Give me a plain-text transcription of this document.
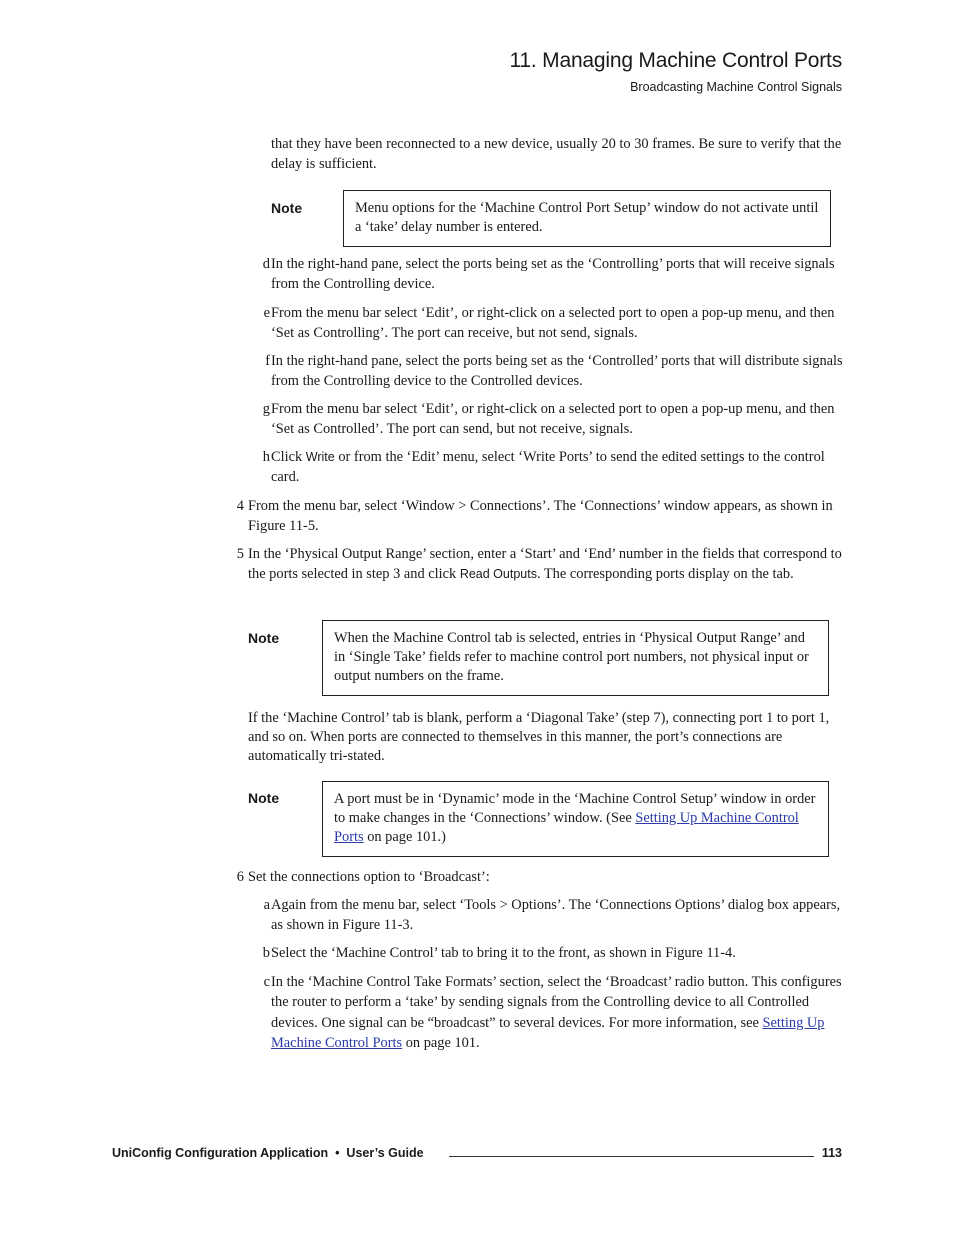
11. Managing Machine Control Ports
Broadcasting Machine Control Signals
that they have been reconnected to a new device, usually 20 to 30 frames. Be sure to verify that the delay is sufficient.
Note	Menu options for the ‘Machine Control Port Setup’ window do not activate until a ‘take’ delay number is entered.
d In the right-hand pane, select the ports being set as the ‘Controlling’ ports that will receive signals from the Controlling device.
e From the menu bar select ‘Edit’, or right-click on a selected port to open a pop-up menu, and then ‘Set as Controlling’. The port can receive, but not send, signals.
f In the right-hand pane, select the ports being set as the ‘Controlled’ ports that will distribute signals from the Controlling device to the Controlled devices.
g From the menu bar select ‘Edit’, or right-click on a selected port to open a pop-up menu, and then ‘Set as Controlled’. The port can send, but not receive, signals.
h Click Write or from the ‘Edit’ menu, select ‘Write Ports’ to send the edited settings to the control card.
4 From the menu bar, select ‘Window > Connections’. The ‘Connections’ window appears, as shown in Figure 11-5.
5 In the ‘Physical Output Range’ section, enter a ‘Start’ and ‘End’ number in the fields that correspond to the ports selected in step 3 and click Read Outputs. The corresponding ports display on the tab.
Note	When the Machine Control tab is selected, entries in ‘Physical Output Range’ and in ‘Single Take’ fields refer to machine control port numbers, not physical input or output numbers on the frame.
If the ‘Machine Control’ tab is blank, perform a ‘Diagonal Take’ (step 7), connecting port 1 to port 1, and so on. When ports are connected to themselves in this manner, the port’s connections are automatically tri-stated.
Note	A port must be in ‘Dynamic’ mode in the ‘Machine Control Setup’ window in order to make changes in the ‘Connections’ window. (See Setting Up Machine Control Ports on page 101.)
6 Set the connections option to ‘Broadcast’:
a Again from the menu bar, select ‘Tools > Options’. The ‘Connections Options’ dialog box appears, as shown in Figure 11-3.
b Select the ‘Machine Control’ tab to bring it to the front, as shown in Figure 11-4.
c In the ‘Machine Control Take Formats’ section, select the ‘Broadcast’ radio button. This configures the router to perform a ‘take’ by sending signals from the Controlling device to all Controlled devices. One signal can be “broadcast” to several devices. For more information, see Setting Up Machine Control Ports on page 101.
UniConfig Configuration Application  •  User’s Guide	113
